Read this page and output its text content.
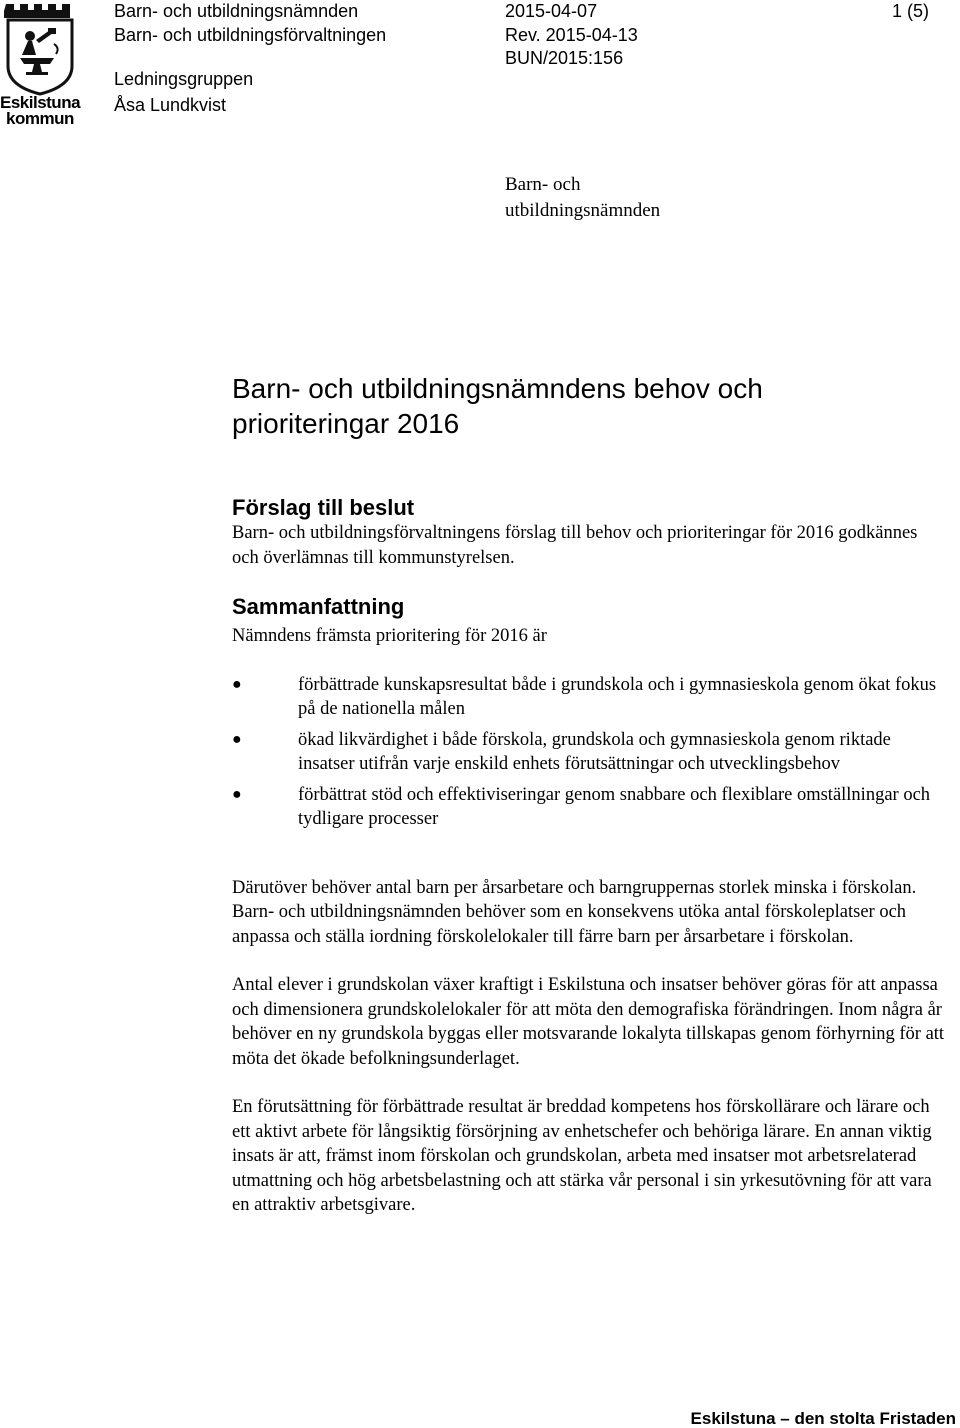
Eskilstuna
kommun
Barn- och utbildningsnämnden
Barn- och utbildningsförvaltningen
Ledningsgruppen
Åsa Lundkvist
2015-04-07
Rev. 2015-04-13
BUN/2015:156
1 (5)
Barn- och
utbildningsnämnden
Barn- och utbildningsnämndens behov och
prioriteringar 2016
Förslag till beslut

Barn- och utbildningsförvaltningens förslag till behov och prioriteringar för 2016 godkännes och överlämnas till kommunstyrelsen.

Sammanfattning

Nämndens främsta prioritering för 2016 är

●	förbättrade kunskapsresultat både i grundskola och i gymnasieskola genom ökat fokus på de nationella målen
●	ökad likvärdighet i både förskola, grundskola och gymnasieskola genom riktade insatser utifrån varje enskild enhets förutsättningar och utvecklingsbehov
●	förbättrat stöd och effektiviseringar genom snabbare och flexiblare omställningar och tydligare processer

Därutöver behöver antal barn per årsarbetare och barngruppernas storlek minska i förskolan. Barn- och utbildningsnämnden behöver som en konsekvens utöka antal förskoleplatser och anpassa och ställa iordning förskolelokaler till färre barn per årsarbetare i förskolan.

Antal elever i grundskolan växer kraftigt i Eskilstuna och insatser behöver göras för att anpassa och dimensionera grundskolelokaler för att möta den demografiska förändringen. Inom några år behöver en ny grundskola byggas eller motsvarande lokalyta tillskapas genom förhyrning för att möta det ökade befolkningsunderlaget.

En förutsättning för förbättrade resultat är breddad kompetens hos förskollärare och lärare och ett aktivt arbete för långsiktig försörjning av enhetschefer och behöriga lärare. En annan viktig insats är att, främst inom förskolan och grundskolan, arbeta med insatser mot arbetsrelaterad utmattning och hög arbetsbelastning och att stärka vår personal i sin yrkesutövning för att vara en attraktiv arbetsgivare.

Eskilstuna – den stolta Fristaden
